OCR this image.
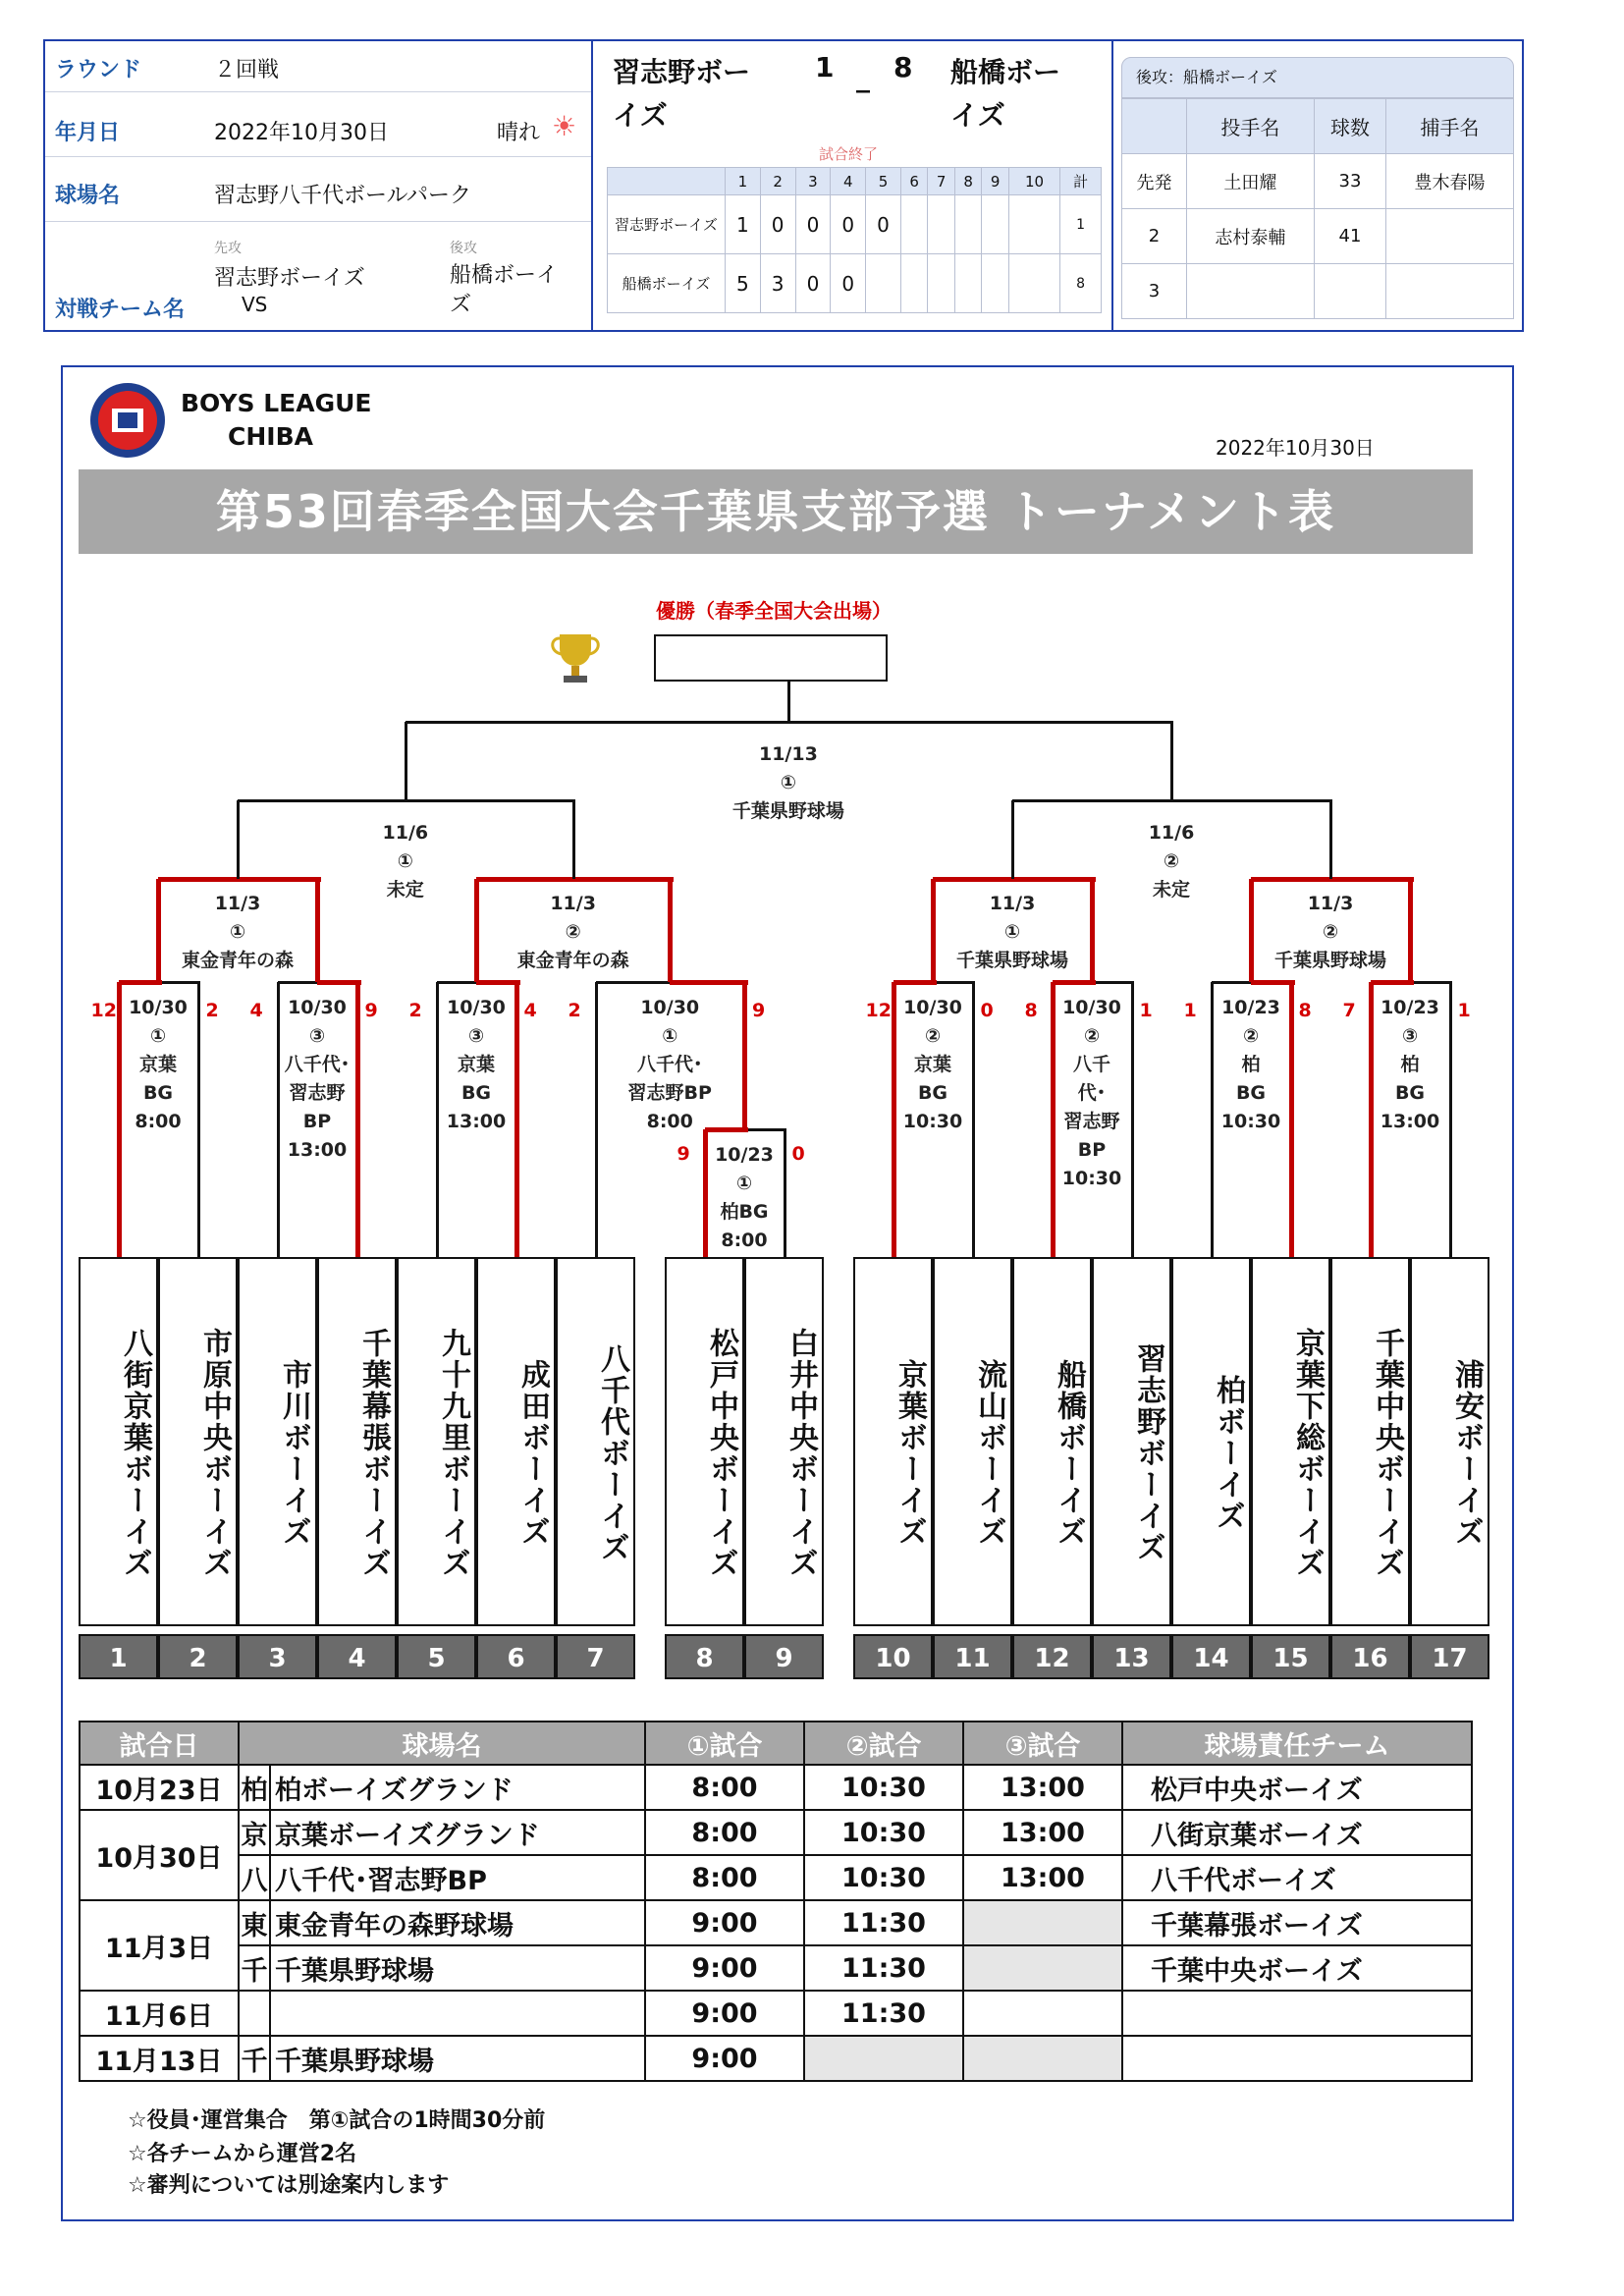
ラウンド	２回戦
年月日	2022年10月30日	晴れ ☀
球場名	習志野八千代ボールパーク
先攻	後攻
習志野ボーイズ
VS
船橋ボーイズ
対戦チーム名
習志野ボーイズ
1 _ 8 船橋ボーイズ
試合終了
	1	2	3	4	5	6	7	8	9	10	計
習志野ボーイズ	1	0	0	0	0						1
船橋ボーイズ	5	3	0	0							8
後攻：船橋ボーイズ
	投手名	球数	捕手名
先発	土田耀	33	豊木春陽
2	志村泰輔	41	
3			
BOYS LEAGUE
CHIBA	2022年10月30日
第53回春季全国大会千葉県支部予選 トーナメント表
優勝（春季全国大会出場）
11/13
①
千葉県野球場
11/6
①
未定
11/6
②
未定
11/3
①
東金青年の森
11/3
②
東金青年の森
11/3
①
千葉県野球場
11/3
②
千葉県野球場
10/30
①
京葉
BG
8:00
10/30
③
八千代･
習志野
BP
13:00
10/30
③
京葉
BG
13:00
10/30
①
八千代･
習志野BP
8:00
10/23
①
柏BG
8:00
10/30
②
京葉
BG
10:30
10/30
②
八千
代･
習志野
BP
10:30
10/23
②
柏
BG
10:30
10/23
③
柏
BG
13:00
12	2 4	9 2	4 2	9
9	0
12	0 8	1 1	8 7	1
八街京葉ボーイズ
1
市原中央ボーイズ
2
市川ボーイズ
3
千葉幕張ボーイズ
4
九十九里ボーイズ
5
成田ボーイズ
6
八千代ボーイズ
7
松戸中央ボーイズ
8
白井中央ボーイズ
9
京葉ボーイズ
10
流山ボーイズ
11
船橋ボーイズ
12
習志野ボーイズ
13
柏ボーイズ
14
京葉下総ボーイズ
15
千葉中央ボーイズ
16
浦安ボーイズ
17
試合日	球場名		①試合	②試合	③試合	球場責任チーム
10月23日	柏	柏ボーイズグランド	8:00	10:30	13:00	松戸中央ボーイズ
10月30日	京	京葉ボーイズグランド	8:00	10:30	13:00	八街京葉ボーイズ
	八	八千代･習志野BP	8:00	10:30	13:00	八千代ボーイズ
11月3日	東	東金青年の森野球場	9:00	11:30		千葉幕張ボーイズ
	千	千葉県野球場	9:00	11:30		千葉中央ボーイズ
11月6日			9:00	11:30		
11月13日	千	千葉県野球場	9:00			
☆役員･運営集合　第①試合の1時間30分前
☆各チームから運営2名
☆審判については別途案内します
